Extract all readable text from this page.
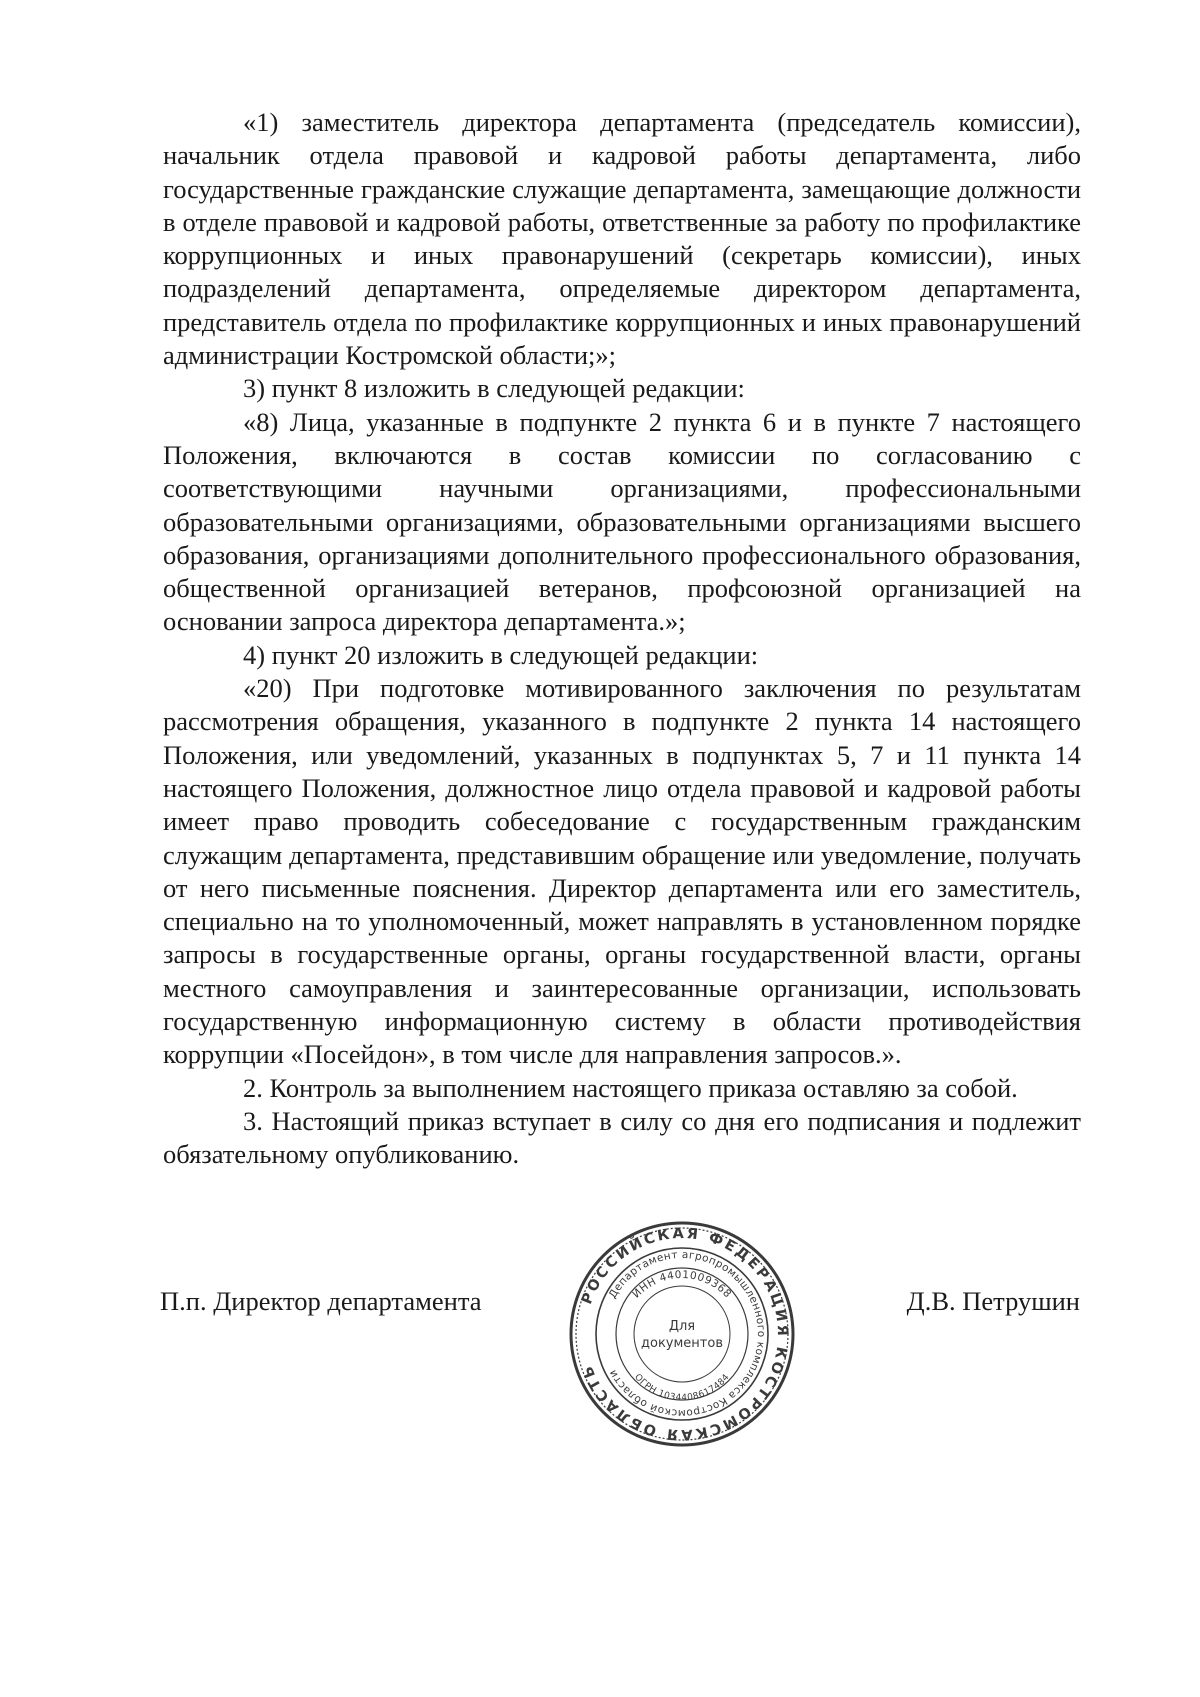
«1) заместитель директора департамента (председатель комиссии), начальник отдела правовой и кадровой работы департамента, либо государственные гражданские служащие департамента, замещающие должности в отделе правовой и кадровой работы, ответственные за работу по профилактике коррупционных и иных правонарушений (секретарь комиссии), иных подразделений департамента, определяемые директором департамента, представитель отдела по профилактике коррупционных и иных правонарушений администрации Костромской области;»;

3) пункт 8 изложить в следующей редакции:

«8) Лица, указанные в подпункте 2 пункта 6 и в пункте 7 настоящего Положения, включаются в состав комиссии по согласованию с соответствующими научными организациями, профессиональными образовательными организациями, образовательными организациями высшего образования, организациями дополнительного профессионального образования, общественной организацией ветеранов, профсоюзной организацией на основании запроса директора департамента.»;

4) пункт 20 изложить в следующей редакции:

«20) При подготовке мотивированного заключения по результатам рассмотрения обращения, указанного в подпункте 2 пункта 14 настоящего Положения, или уведомлений, указанных в подпунктах 5, 7 и 11 пункта 14 настоящего Положения, должностное лицо отдела правовой и кадровой работы имеет право проводить собеседование с государственным гражданским служащим департамента, представившим обращение или уведомление, получать от него письменные пояснения. Директор департамента или его заместитель, специально на то уполномоченный, может направлять в установленном порядке запросы в государственные органы, органы государственной власти, органы местного самоуправления и заинтересованные организации, использовать государственную информационную систему в области противодействия коррупции «Посейдон», в том числе для направления запросов.».

2. Контроль за выполнением настоящего приказа оставляю за собой.

3. Настоящий приказ вступает в силу со дня его подписания и подлежит обязательному опубликованию.

П.п. Директор департамента	Д.В. Петрушин
РОССИЙСКАЯ ФЕДЕРАЦИЯ КОСТРОМСКАЯ ОБЛАСТЬ
Департамент агропромышленного комплекса Костромской области
ИНН 4401009368
ОГРН 1034408617484
Для
документов
